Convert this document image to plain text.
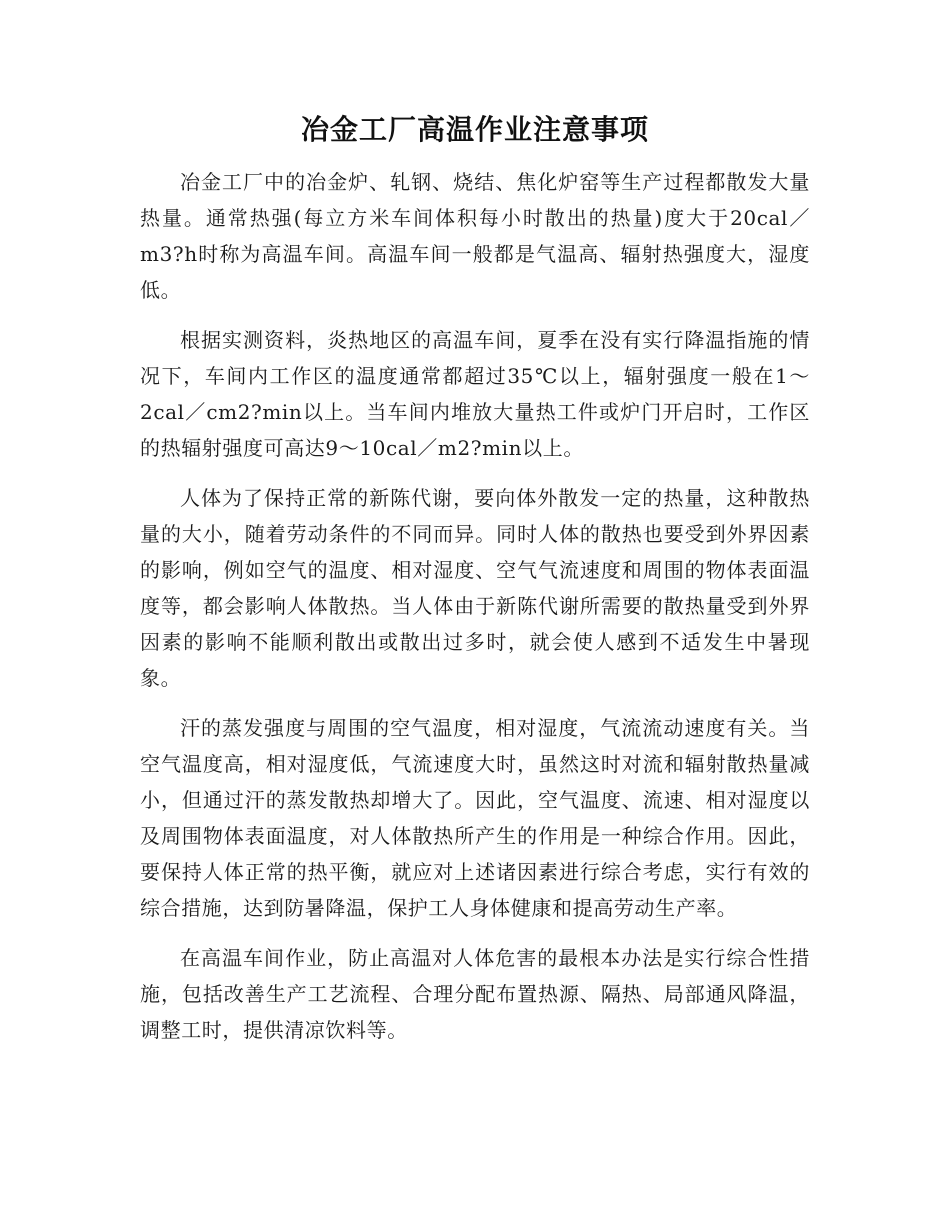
冶金工厂高温作业注意事项

冶金工厂中的冶金炉、轧钢、烧结、焦化炉窑等生产过程都散发大量热量。通常热强(每立方米车间体积每小时散出的热量)度大于20cal／m3?h时称为高温车间。高温车间一般都是气温高、辐射热强度大，湿度低。

根据实测资料，炎热地区的高温车间，夏季在没有实行降温指施的情况下，车间内工作区的温度通常都超过35℃以上，辐射强度一般在1～2cal／cm2?min以上。当车间内堆放大量热工件或炉门开启时，工作区的热辐射强度可高达9～10cal／m2?min以上。

人体为了保持正常的新陈代谢，要向体外散发一定的热量，这种散热量的大小，随着劳动条件的不同而异。同时人体的散热也要受到外界因素的影响，例如空气的温度、相对湿度、空气气流速度和周围的物体表面温度等，都会影响人体散热。当人体由于新陈代谢所需要的散热量受到外界因素的影响不能顺利散出或散出过多时，就会使人感到不适发生中暑现象。

汗的蒸发强度与周围的空气温度，相对湿度，气流流动速度有关。当空气温度高，相对湿度低，气流速度大时，虽然这时对流和辐射散热量减小，但通过汗的蒸发散热却增大了。因此，空气温度、流速、相对湿度以及周围物体表面温度，对人体散热所产生的作用是一种综合作用。因此，要保持人体正常的热平衡，就应对上述诸因素进行综合考虑，实行有效的综合措施，达到防暑降温，保护工人身体健康和提高劳动生产率。

在高温车间作业，防止高温对人体危害的最根本办法是实行综合性措施，包括改善生产工艺流程、合理分配布置热源、隔热、局部通风降温，调整工时，提供清凉饮料等。
